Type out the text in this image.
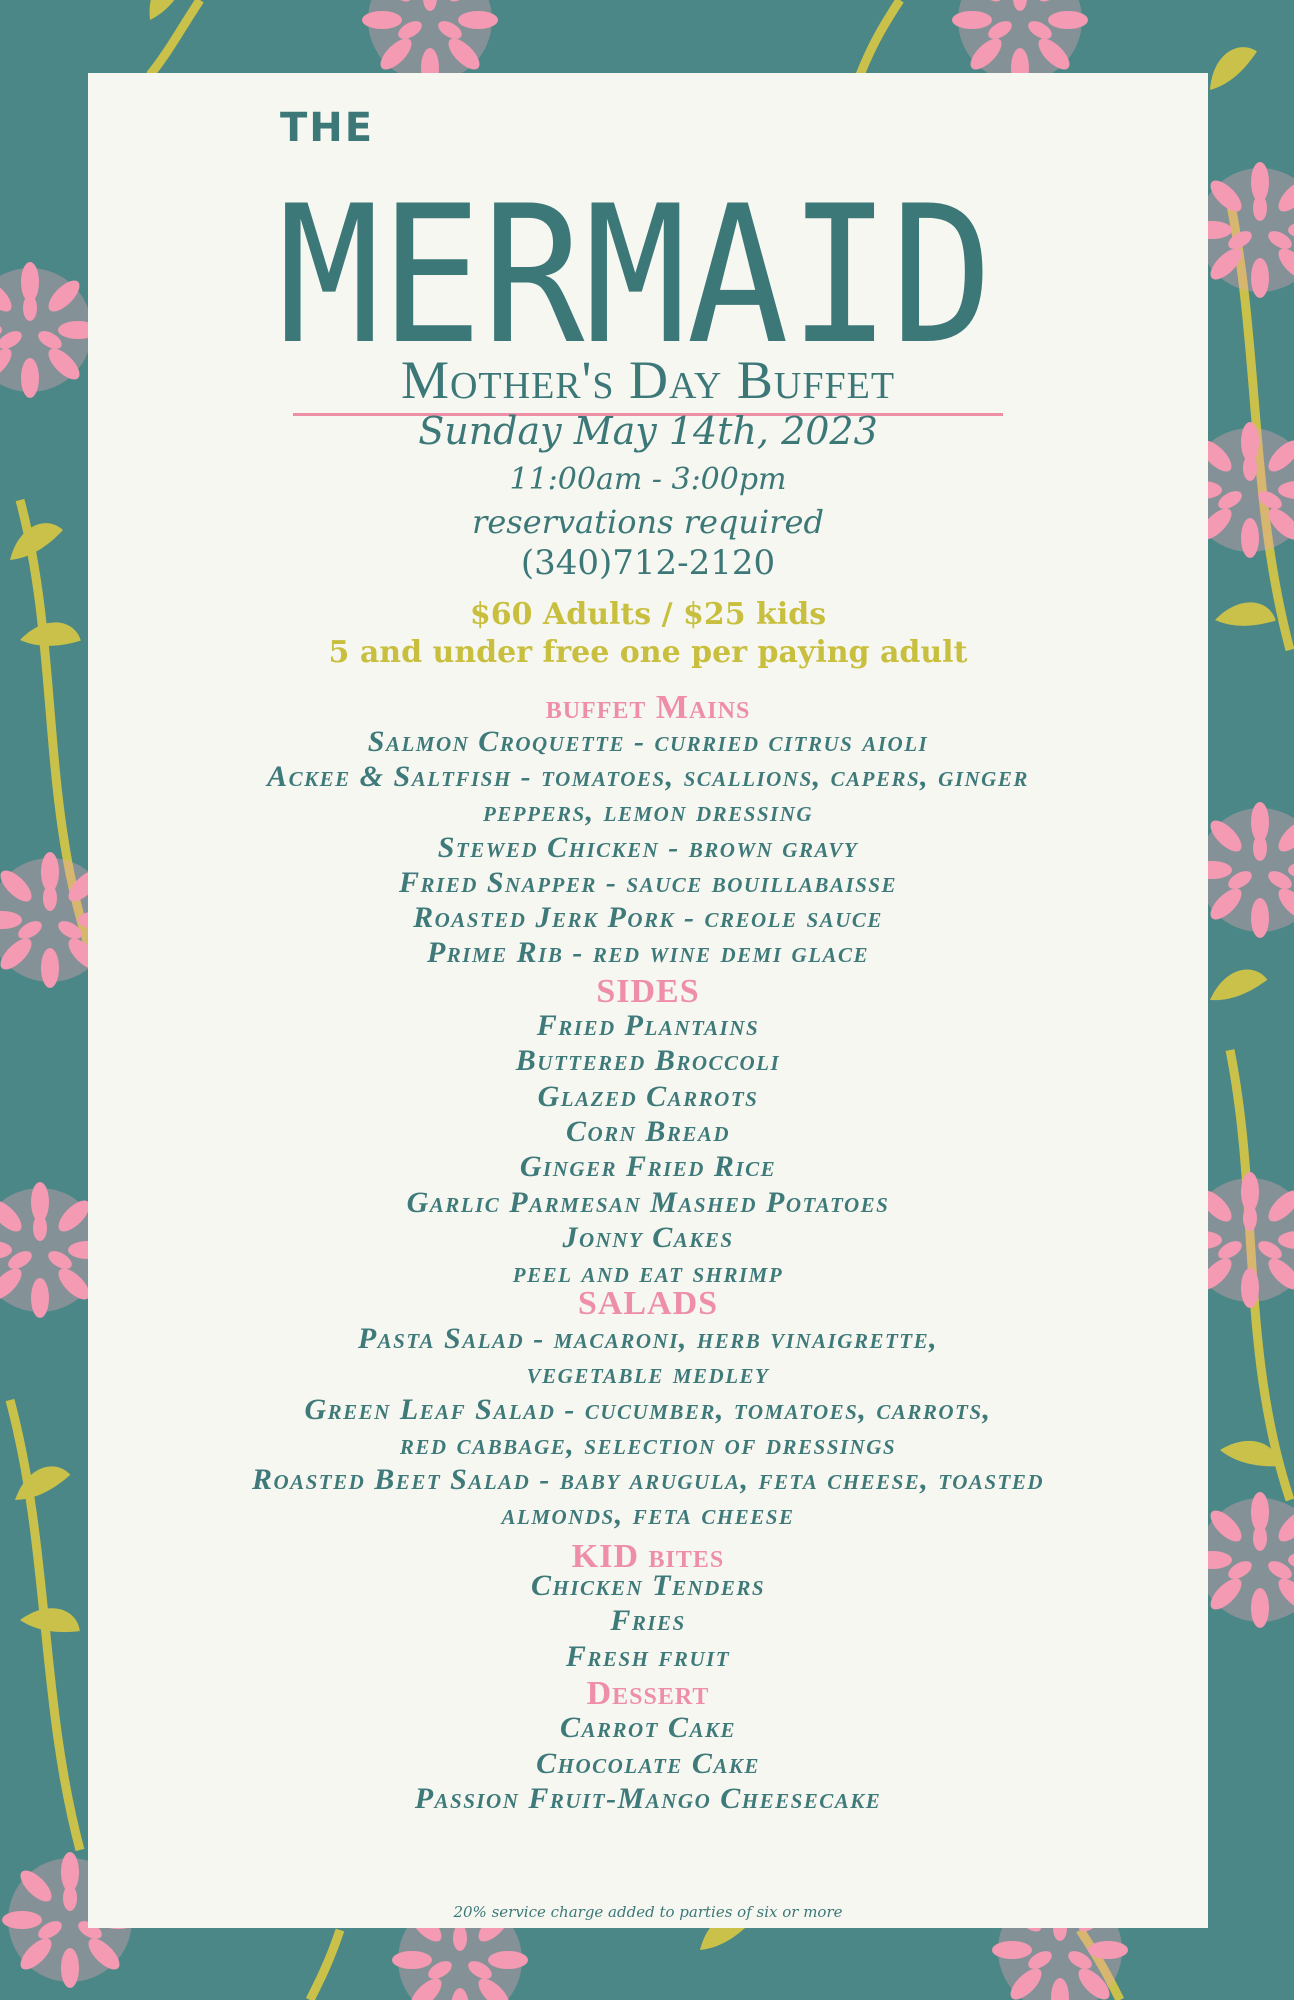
THE
MERMAID
Mother's Day Buffet
Sunday May 14th, 2023
11:00am - 3:00pm
reservations required
(340)712-2120
$60 Adults / $25 kids
5 and under free one per paying adult
buffet Mains
Salmon Croquette - curried citrus aioli
Ackee & Saltfish - tomatoes, scallions, capers, ginger
peppers, lemon dressing
Stewed Chicken - brown gravy
Fried Snapper - sauce bouillabaisse
Roasted Jerk Pork - creole sauce
Prime Rib - red wine demi glace
SIDES
Fried Plantains
Buttered Broccoli
Glazed Carrots
Corn Bread
Ginger Fried Rice
Garlic Parmesan Mashed Potatoes
Jonny Cakes
peel and eat shrimp
SALADS
Pasta Salad - macaroni, herb vinaigrette,
vegetable medley
Green Leaf Salad - cucumber, tomatoes, carrots,
red cabbage, selection of dressings
Roasted Beet Salad - baby arugula, feta cheese, toasted
almonds, feta cheese
KID bites
Chicken Tenders
Fries
Fresh fruit
Dessert
Carrot Cake
Chocolate Cake
Passion Fruit-Mango Cheesecake
20% service charge added to parties of six or more
